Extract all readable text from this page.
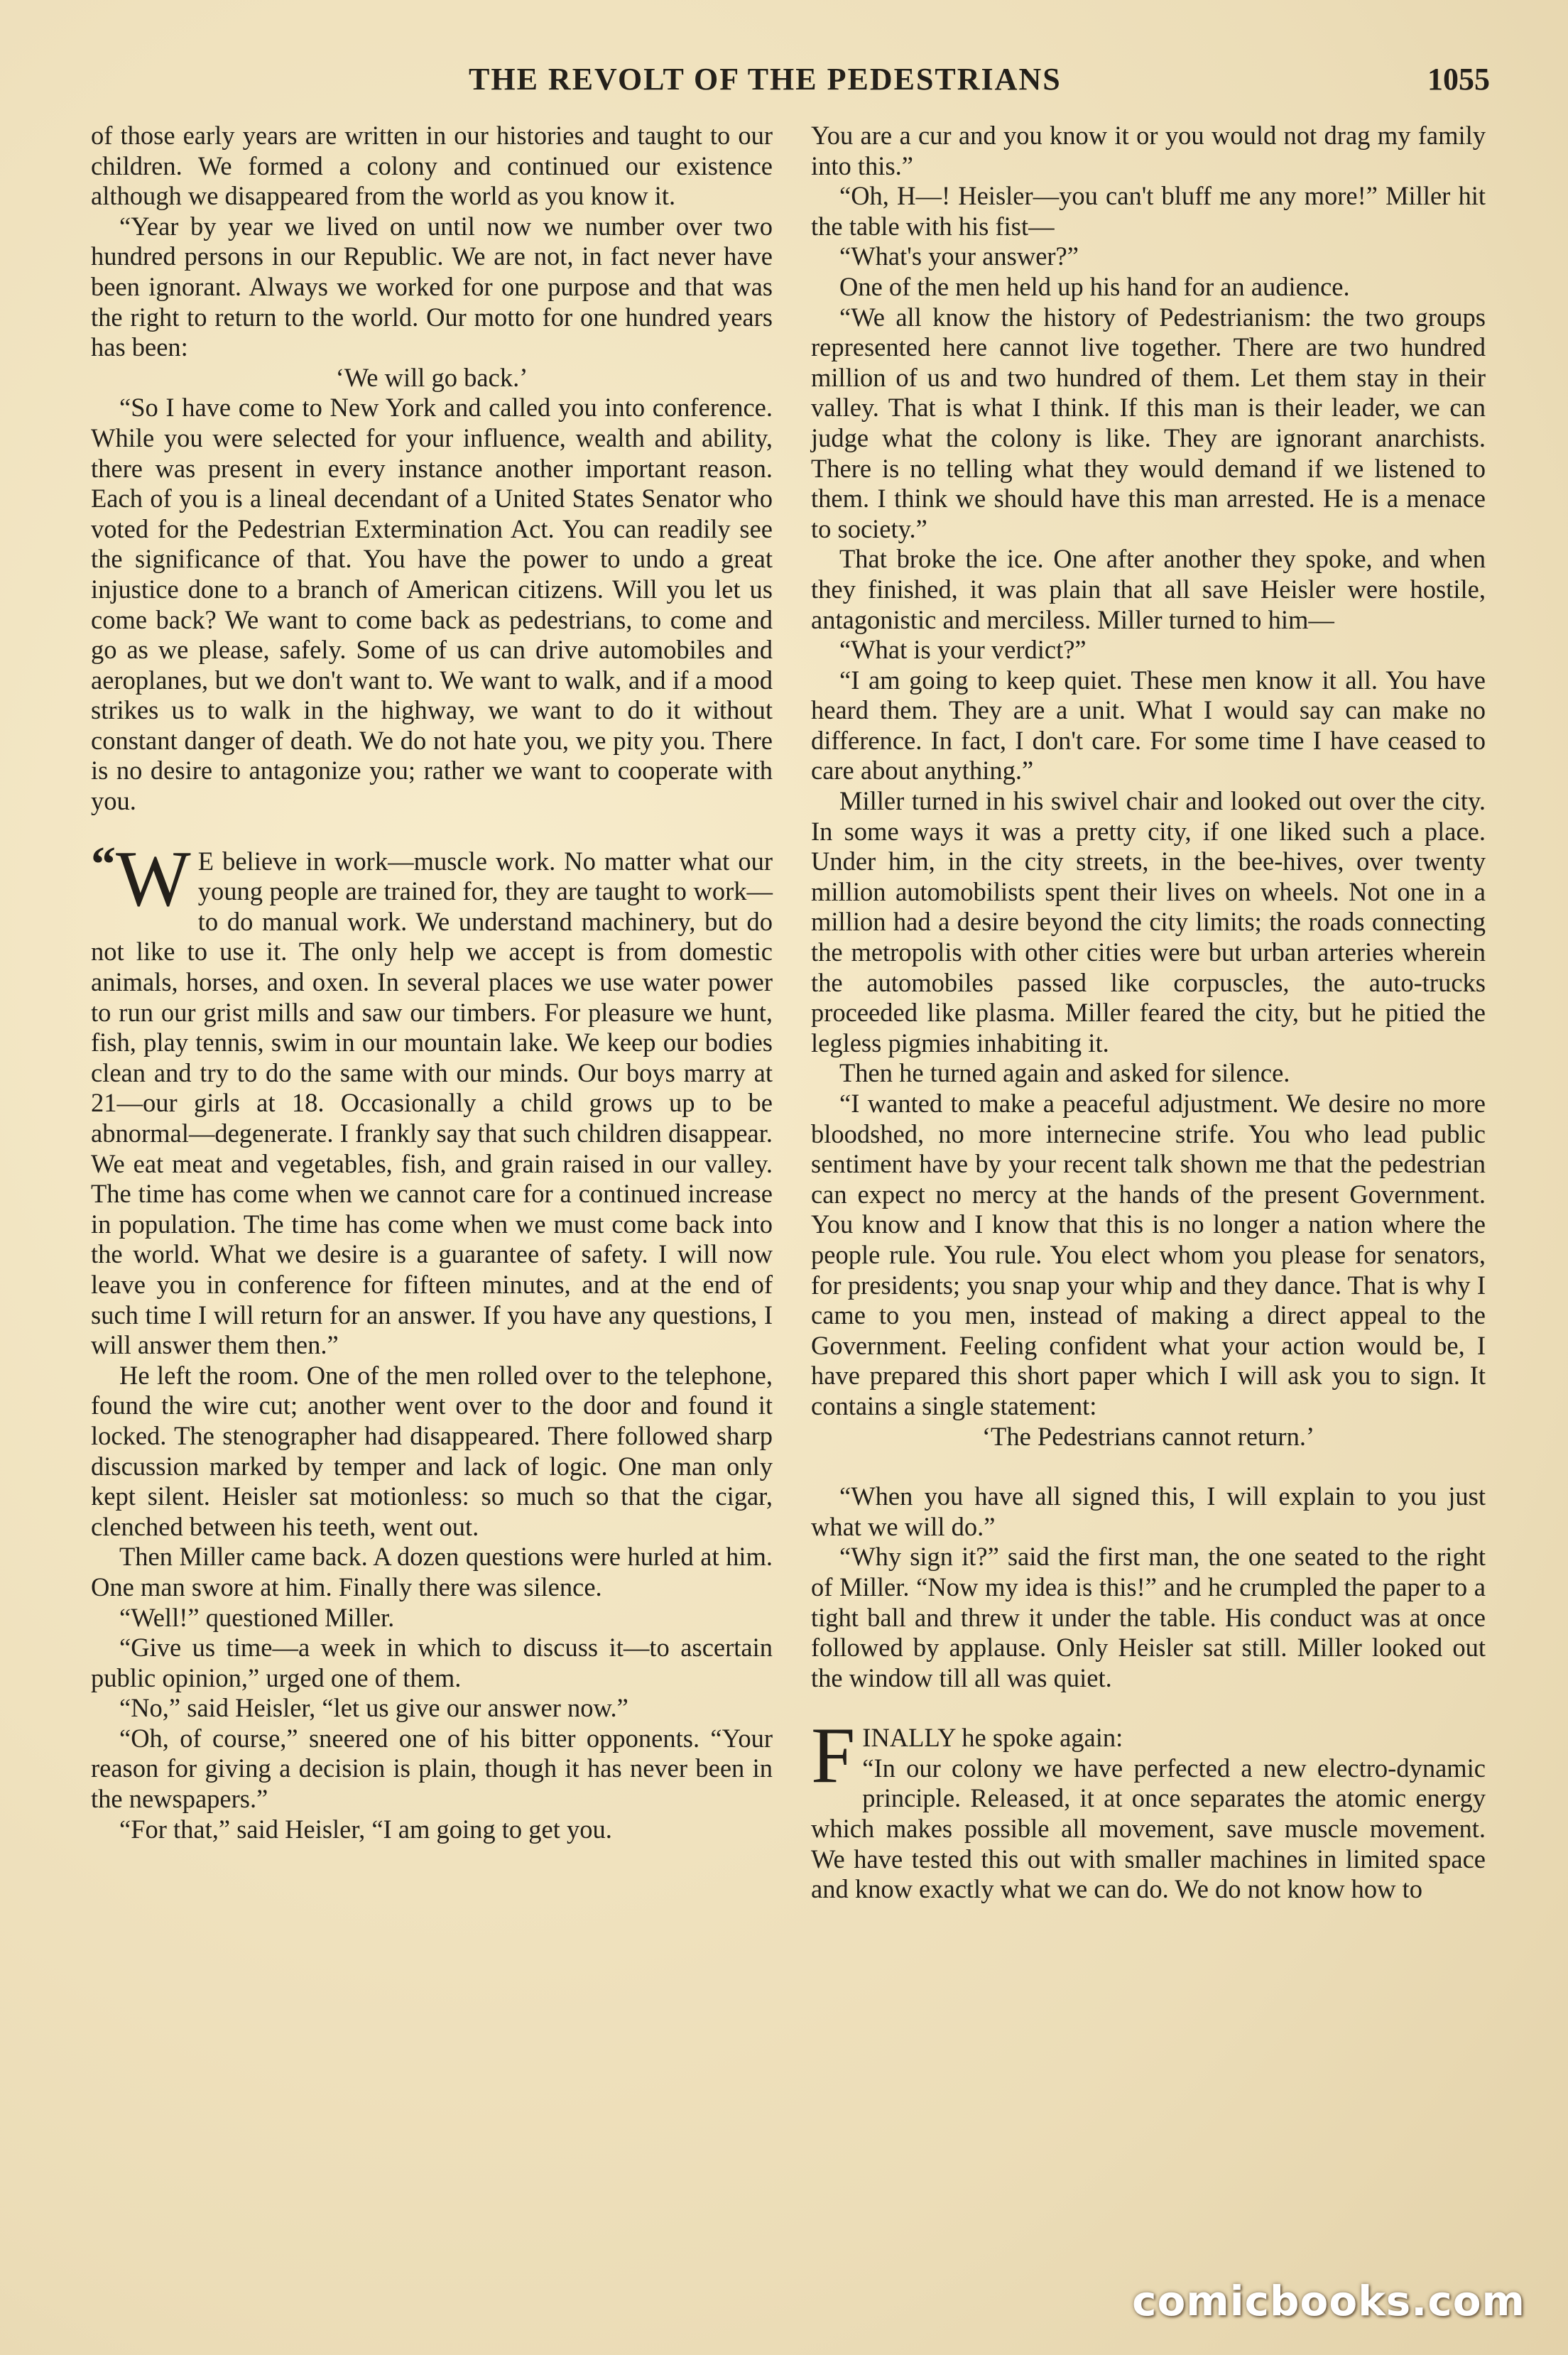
THE REVOLT OF THE PEDESTRIANS	1055

of those early years are written in our histories and taught to our children. We formed a colony and continued our existence although we disappeared from the world as you know it.

“Year by year we lived on until now we number over two hundred persons in our Republic. We are not, in fact never have been ignorant. Always we worked for one purpose and that was the right to return to the world. Our motto for one hundred years has been:

‘We will go back.’

“So I have come to New York and called you into conference. While you were selected for your influence, wealth and ability, there was present in every instance another important reason. Each of you is a lineal decendant of a United States Senator who voted for the Pedestrian Extermination Act. You can readily see the significance of that. You have the power to undo a great injustice done to a branch of American citizens. Will you let us come back? We want to come back as pedestrians, to come and go as we please, safely. Some of us can drive automobiles and aeroplanes, but we don't want to. We want to walk, and if a mood strikes us to walk in the highway, we want to do it without constant danger of death. We do not hate you, we pity you. There is no desire to antagonize you; rather we want to cooperate with you.

“ W E believe in work—muscle work. No matter what our young people are trained for, they are taught to work—to do manual work. We understand machinery, but do not like to use it. The only help we accept is from domestic animals, horses, and oxen. In several places we use water power to run our grist mills and saw our timbers. For pleasure we hunt, fish, play tennis, swim in our mountain lake. We keep our bodies clean and try to do the same with our minds. Our boys marry at 21—our girls at 18. Occasionally a child grows up to be abnormal—degenerate. I frankly say that such children disappear. We eat meat and vegetables, fish, and grain raised in our valley. The time has come when we cannot care for a continued increase in population. The time has come when we must come back into the world. What we desire is a guarantee of safety. I will now leave you in conference for fifteen minutes, and at the end of such time I will return for an answer. If you have any questions, I will answer them then.”

He left the room. One of the men rolled over to the telephone, found the wire cut; another went over to the door and found it locked. The stenographer had disappeared. There followed sharp discussion marked by temper and lack of logic. One man only kept silent. Heisler sat motionless: so much so that the cigar, clenched between his teeth, went out.

Then Miller came back. A dozen questions were hurled at him. One man swore at him. Finally there was silence.

“Well!” questioned Miller.

“Give us time—a week in which to discuss it—to ascertain public opinion,” urged one of them.

“No,” said Heisler, “let us give our answer now.”

“Oh, of course,” sneered one of his bitter opponents. “Your reason for giving a decision is plain, though it has never been in the newspapers.”

“For that,” said Heisler, “I am going to get you.

You are a cur and you know it or you would not drag my family into this.”

“Oh, H—! Heisler—you can't bluff me any more!” Miller hit the table with his fist—

“What's your answer?”

One of the men held up his hand for an audience.

“We all know the history of Pedestrianism: the two groups represented here cannot live together. There are two hundred million of us and two hundred of them. Let them stay in their valley. That is what I think. If this man is their leader, we can judge what the colony is like. They are ignorant anarchists. There is no telling what they would demand if we listened to them. I think we should have this man arrested. He is a menace to society.”

That broke the ice. One after another they spoke, and when they finished, it was plain that all save Heisler were hostile, antagonistic and merciless. Miller turned to him—

“What is your verdict?”

“I am going to keep quiet. These men know it all. You have heard them. They are a unit. What I would say can make no difference. In fact, I don't care. For some time I have ceased to care about anything.”

Miller turned in his swivel chair and looked out over the city. In some ways it was a pretty city, if one liked such a place. Under him, in the city streets, in the bee-hives, over twenty million automobilists spent their lives on wheels. Not one in a million had a desire beyond the city limits; the roads connecting the metropolis with other cities were but urban arteries wherein the automobiles passed like corpuscles, the auto-trucks proceeded like plasma. Miller feared the city, but he pitied the legless pigmies inhabiting it.

Then he turned again and asked for silence.

“I wanted to make a peaceful adjustment. We desire no more bloodshed, no more internecine strife. You who lead public sentiment have by your recent talk shown me that the pedestrian can expect no mercy at the hands of the present Government. You know and I know that this is no longer a nation where the people rule. You rule. You elect whom you please for senators, for presidents; you snap your whip and they dance. That is why I came to you men, instead of making a direct appeal to the Government. Feeling confident what your action would be, I have prepared this short paper which I will ask you to sign. It contains a single statement:

‘The Pedestrians cannot return.’

“When you have all signed this, I will explain to you just what we will do.”

“Why sign it?” said the first man, the one seated to the right of Miller. “Now my idea is this!” and he crumpled the paper to a tight ball and threw it under the table. His conduct was at once followed by applause. Only Heisler sat still. Miller looked out the window till all was quiet.

FINALLY he spoke again:
“In our colony we have perfected a new electro-dynamic principle. Released, it at once separates the atomic energy which makes possible all movement, save muscle movement. We have tested this out with smaller machines in limited space and know exactly what we can do. We do not know how to

comicbooks.com
